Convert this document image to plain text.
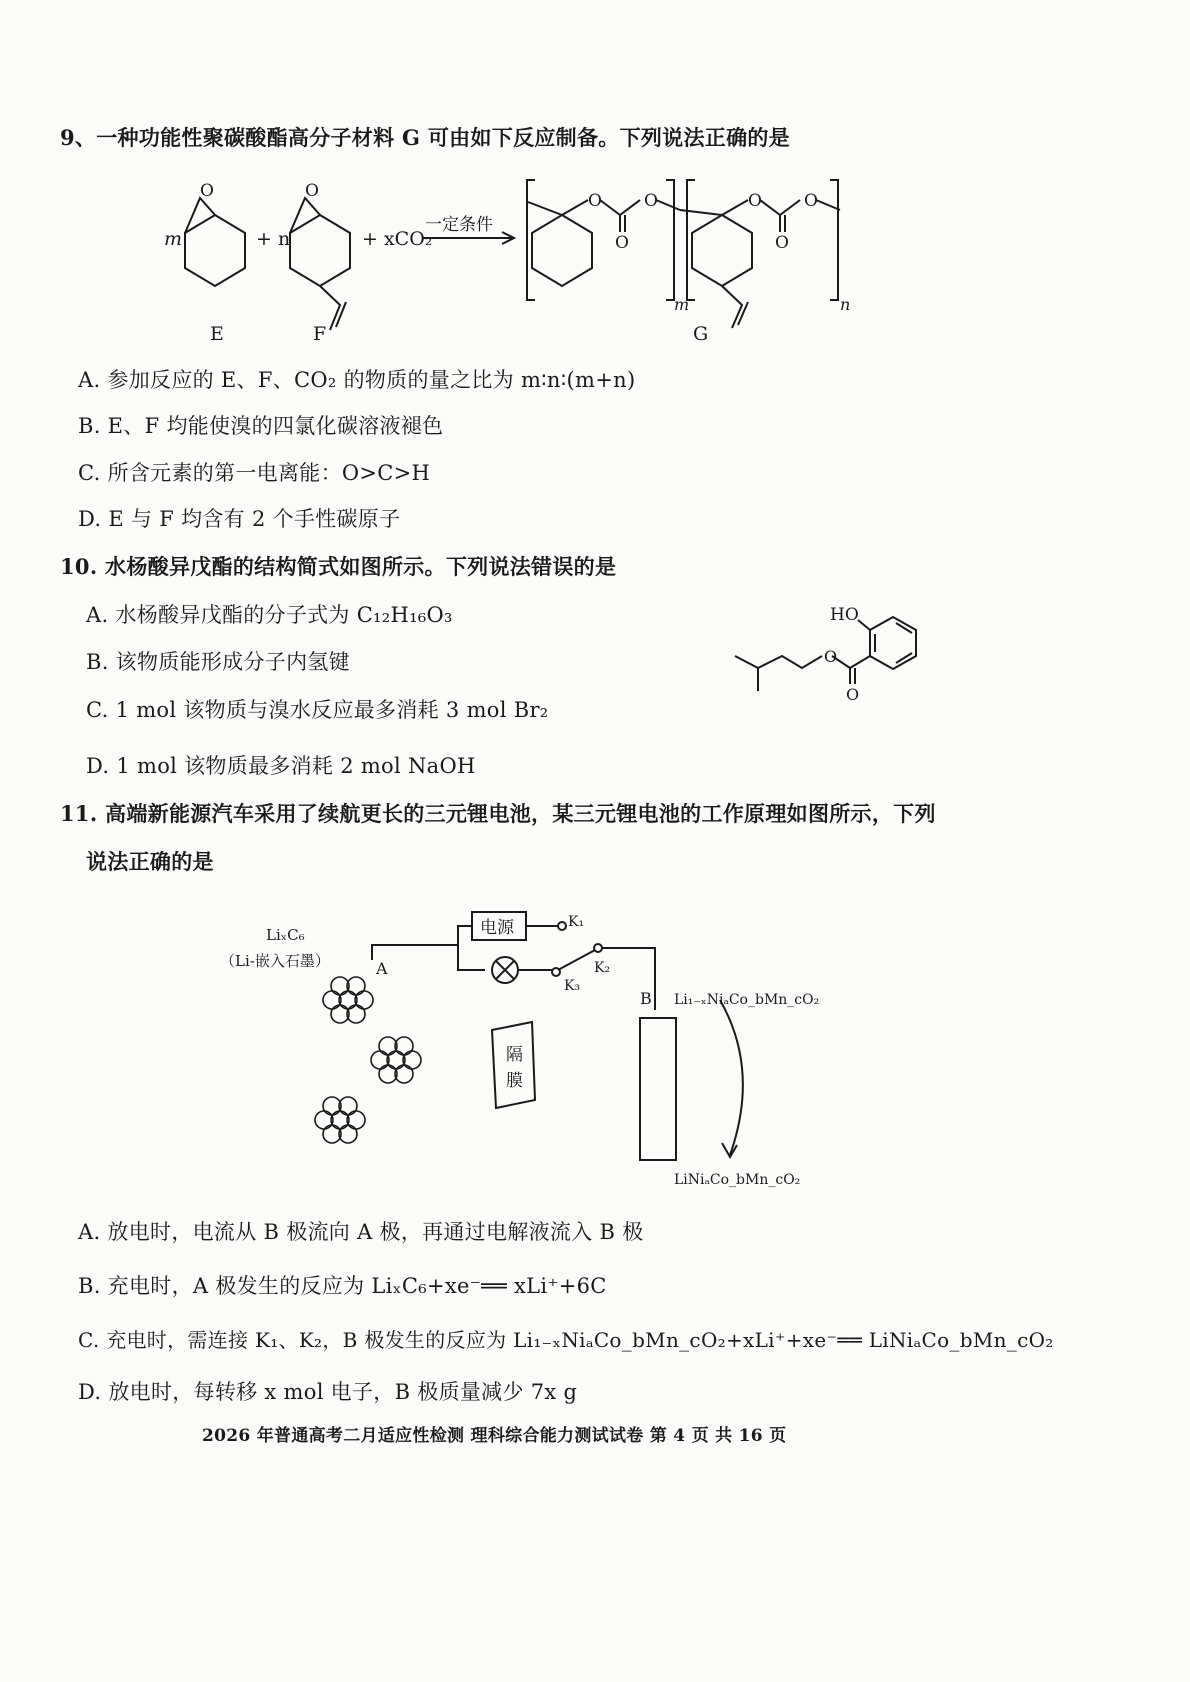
9、一种功能性聚碳酸酯高分子材料 G 可由如下反应制备。下列说法正确的是
O	O	O O
O
O O
O
m	+ n	+ xCO₂
一定条件
E	F	G
m	n
A. 参加反应的 E、F、CO₂ 的物质的量之比为 m∶n∶(m+n)
B. E、F 均能使溴的四氯化碳溶液褪色
C. 所含元素的第一电离能：O>C>H
D. E 与 F 均含有 2 个手性碳原子
10. 水杨酸异戊酯的结构简式如图所示。下列说法错误的是
A. 水杨酸异戊酯的分子式为 C₁₂H₁₆O₃
B. 该物质能形成分子内氢键
C. 1 mol 该物质与溴水反应最多消耗 3 mol Br₂
D. 1 mol 该物质最多消耗 2 mol NaOH
O
O
HO
11. 高端新能源汽车采用了续航更长的三元锂电池，某三元锂电池的工作原理如图所示，下列
说法正确的是
LiₓC₆
（Li-嵌入石墨）	A
B
电源	K₁
K₂
K₃
Li₁₋ₓNiₐCo_bMn_cO₂
LiNiₐCo_bMn_cO₂
隔
膜
A. 放电时，电流从 B 极流向 A 极，再通过电解液流入 B 极
B. 充电时，A 极发生的反应为 LiₓC₆+xe⁻══ xLi⁺+6C
C. 充电时，需连接 K₁、K₂，B 极发生的反应为 Li₁₋ₓNiₐCo_bMn_cO₂+xLi⁺+xe⁻══ LiNiₐCo_bMn_cO₂
D. 放电时，每转移 x mol 电子，B 极质量减少 7x g
2026 年普通高考二月适应性检测 理科综合能力测试试卷 第 4 页 共 16 页
